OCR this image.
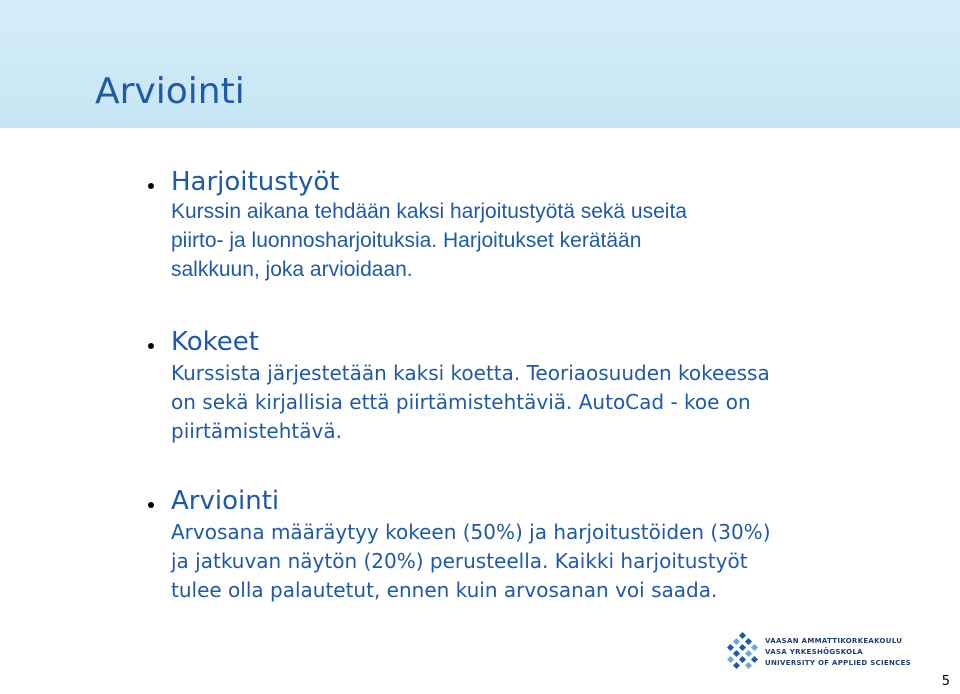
Arviointi
Harjoitustyöt

Kurssin aikana tehdään kaksi harjoitustyötä sekä useita
piirto- ja luonnosharjoituksia. Harjoitukset kerätään
salkkuun, joka arvioidaan.

Kokeet

Kurssista järjestetään kaksi koetta. Teoriaosuuden kokeessa
on sekä kirjallisia että piirtämistehtäviä. AutoCad - koe on
piirtämistehtävä.

Arviointi

Arvosana määräytyy kokeen (50%) ja harjoitustöiden (30%)
ja jatkuvan näytön (20%) perusteella. Kaikki harjoitustyöt
tulee olla palautetut, ennen kuin arvosanan voi saada.

VAASAN AMMATTIKORKEAKOULU
VASA YRKESHÖGSKOLA
UNIVERSITY OF APPLIED SCIENCES
5
